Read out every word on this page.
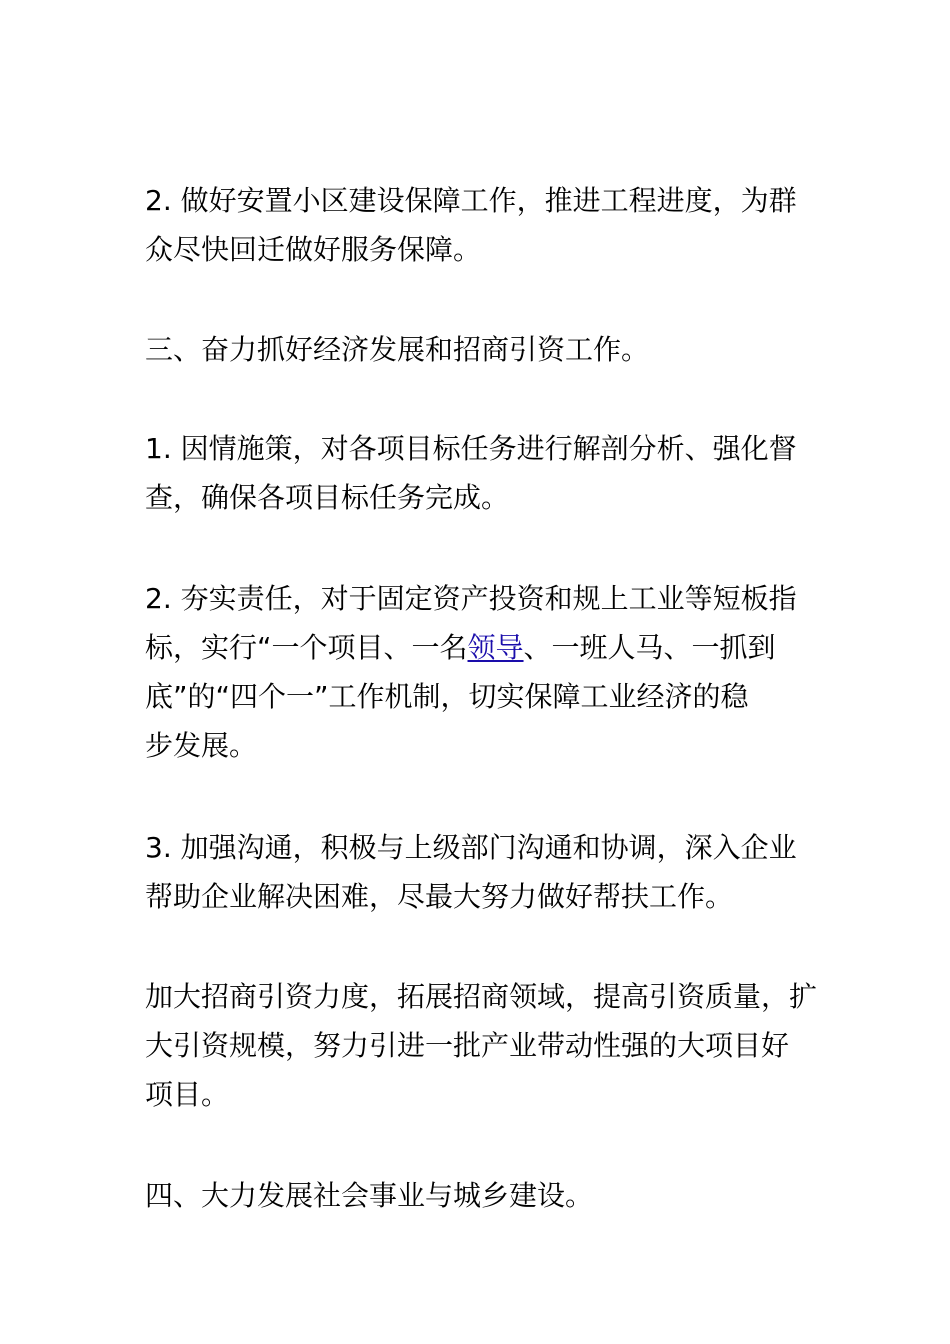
2. 做好安置小区建设保障工作，推进工程进度，为群
众尽快回迁做好服务保障。

三、奋力抓好经济发展和招商引资工作。

1. 因情施策，对各项目标任务进行解剖分析、强化督
查，确保各项目标任务完成。

2. 夯实责任，对于固定资产投资和规上工业等短板指
标，实行“一个项目、一名领导、一班人马、一抓到
底”的“四个一”工作机制，切实保障工业经济的稳
步发展。

3. 加强沟通，积极与上级部门沟通和协调，深入企业
帮助企业解决困难，尽最大努力做好帮扶工作。

加大招商引资力度，拓展招商领域，提高引资质量，扩
大引资规模，努力引进一批产业带动性强的大项目好
项目。

四、大力发展社会事业与城乡建设。
